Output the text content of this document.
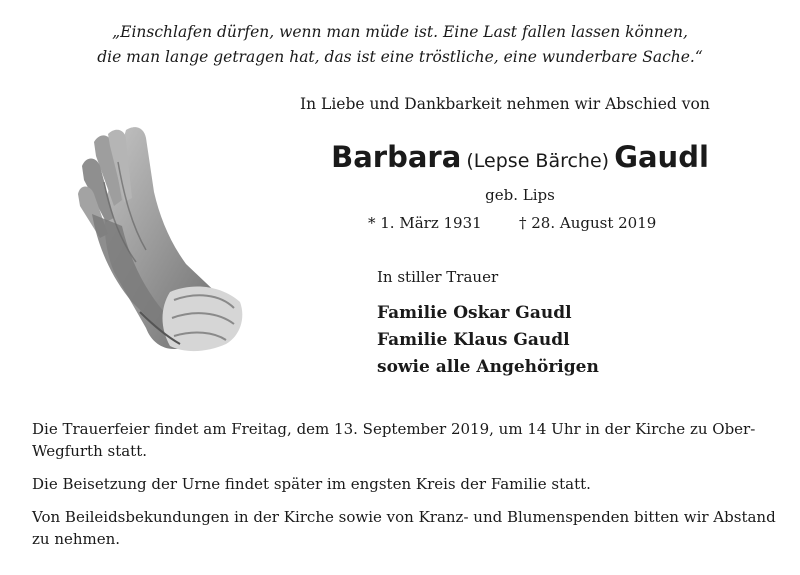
„Einschlafen dürfen, wenn man müde ist. Eine Last fallen lassen können,
die man lange getragen hat, das ist eine tröstliche, eine wunderbare Sache.“
In Liebe und Dankbarkeit nehmen wir Abschied von
Barbara (Lepse Bärche) Gaudl
geb. Lips
* 1. März 1931 † 28. August 2019
In stiller Trauer
Familie Oskar Gaudl
Familie Klaus Gaudl
sowie alle Angehörigen

Die Trauerfeier findet am Freitag, dem 13. September 2019, um 14 Uhr in der Kirche zu Ober-Wegfurth statt.

Die Beisetzung der Urne findet später im engsten Kreis der Familie statt.

Von Beileidsbekundungen in der Kirche sowie von Kranz- und Blumenspenden bitten wir Abstand zu nehmen.
